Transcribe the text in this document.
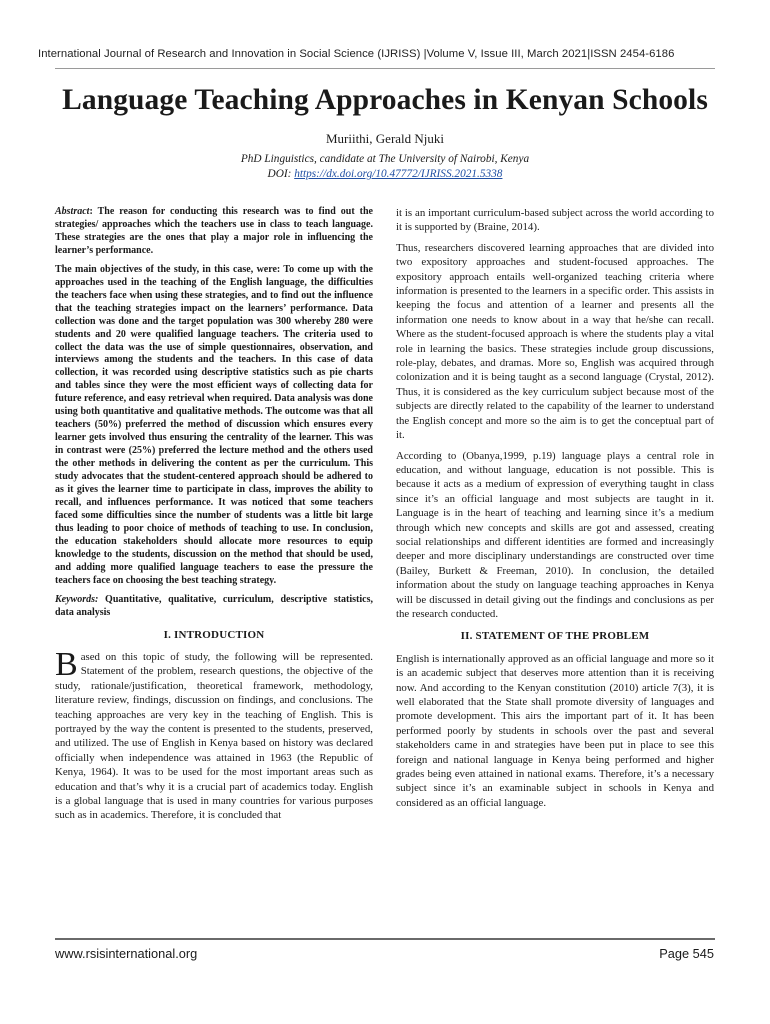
International Journal of Research and Innovation in Social Science (IJRISS) |Volume V, Issue III, March 2021|ISSN 2454-6186
Language Teaching Approaches in Kenyan Schools
Muriithi, Gerald Njuki
PhD Linguistics, candidate at The University of Nairobi, Kenya
DOI: https://dx.doi.org/10.47772/IJRISS.2021.5338

Abstract: The reason for conducting this research was to find out the strategies/ approaches which the teachers use in class to teach language. These strategies are the ones that play a major role in influencing the learner’s performance.

The main objectives of the study, in this case, were: To come up with the approaches used in the teaching of the English language, the difficulties the teachers face when using these strategies, and to find out the influence that the teaching strategies impact on the learners’ performance. Data collection was done and the target population was 300 whereby 280 were students and 20 were qualified language teachers. The criteria used to collect the data was the use of simple questionnaires, observation, and interviews among the students and the teachers. In this case of data collection, it was recorded using descriptive statistics such as pie charts and tables since they were the most efficient ways of collecting data for future reference, and easy retrieval when required. Data analysis was done using both quantitative and qualitative methods. The outcome was that all teachers (50%) preferred the method of discussion which ensures every learner gets involved thus ensuring the centrality of the learner. This was in contrast were (25%) preferred the lecture method and the others used the other methods in delivering the content as per the curriculum. This study advocates that the student-centered approach should be adhered to as it gives the learner time to participate in class, improves the ability to recall, and influences performance. It was noticed that some teachers faced some difficulties since the number of students was a little bit large thus leading to poor choice of methods of teaching to use. In conclusion, the education stakeholders should allocate more resources to equip knowledge to the students, discussion on the method that should be used, and adding more qualified language teachers to ease the pressure the teachers face on choosing the best teaching strategy.

Keywords: Quantitative, qualitative, curriculum, descriptive statistics, data analysis

I. INTRODUCTION

Based on this topic of study, the following will be represented. Statement of the problem, research questions, the objective of the study, rationale/justification, theoretical framework, methodology, literature review, findings, discussion on findings, and conclusions. The teaching approaches are very key in the teaching of English. This is portrayed by the way the content is presented to the students, preserved, and utilized. The use of English in Kenya based on history was declared officially when independence was attained in 1963 (the Republic of Kenya, 1964). It was to be used for the most important areas such as education and that’s why it is a crucial part of academics today. English is a global language that is used in many countries for various purposes such as in academics. Therefore, it is concluded that

it is an important curriculum-based subject across the world according to it is supported by (Braine, 2014).

Thus, researchers discovered learning approaches that are divided into two expository approaches and student-focused approaches. The expository approach entails well-organized teaching criteria where information is presented to the learners in a specific order. This assists in keeping the focus and attention of a learner and presents all the information one needs to know about in a way that he/she can recall. Where as the student-focused approach is where the students play a vital role in learning the basics. These strategies include group discussions, role-play, debates, and dramas. More so, English was acquired through colonization and it is being taught as a second language (Crystal, 2012). Thus, it is considered as the key curriculum subject because most of the subjects are directly related to the capability of the learner to understand the English concept and more so the aim is to get the conceptual part of it.

According to (Obanya,1999, p.19) language plays a central role in education, and without language, education is not possible. This is because it acts as a medium of expression of everything taught in class since it’s an official language and most subjects are taught in it. Language is in the heart of teaching and learning since it’s a medium through which new concepts and skills are got and assessed, creating social relationships and different identities are formed and increasingly deeper and more disciplinary understandings are constructed over time (Bailey, Burkett & Freeman, 2010). In conclusion, the detailed information about the study on language teaching approaches in Kenya will be discussed in detail giving out the findings and conclusions as per the research conducted.

II. STATEMENT OF THE PROBLEM

English is internationally approved as an official language and more so it is an academic subject that deserves more attention than it is receiving now. And according to the Kenyan constitution (2010) article 7(3), it is well elaborated that the State shall promote diversity of languages and promote development. This airs the important part of it. It has been performed poorly by students in schools over the past and several stakeholders came in and strategies have been put in place to see this foreign and national language in Kenya being performed and higher grades being even attained in national exams. Therefore, it’s a necessary subject since it’s an examinable subject in schools in Kenya and considered as an official language.

www.rsisinternational.org	Page 545
